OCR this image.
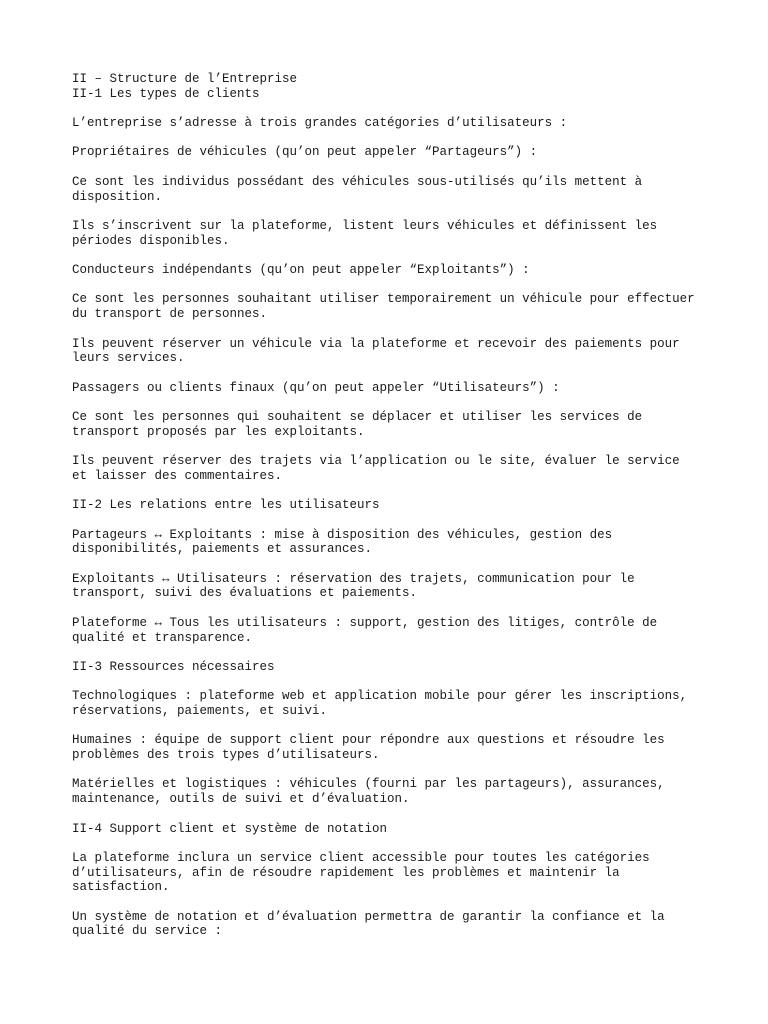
II – Structure de l’Entreprise

II-1 Les types de clients

L’entreprise s’adresse à trois grandes catégories d’utilisateurs :

Propriétaires de véhicules (qu’on peut appeler “Partageurs”) :

Ce sont les individus possédant des véhicules sous-utilisés qu’ils mettent à
disposition.

Ils s’inscrivent sur la plateforme, listent leurs véhicules et définissent les
périodes disponibles.

Conducteurs indépendants (qu’on peut appeler “Exploitants”) :

Ce sont les personnes souhaitant utiliser temporairement un véhicule pour effectuer
du transport de personnes.

Ils peuvent réserver un véhicule via la plateforme et recevoir des paiements pour
leurs services.

Passagers ou clients finaux (qu’on peut appeler “Utilisateurs”) :

Ce sont les personnes qui souhaitent se déplacer et utiliser les services de
transport proposés par les exploitants.

Ils peuvent réserver des trajets via l’application ou le site, évaluer le service
et laisser des commentaires.

II-2 Les relations entre les utilisateurs

Partageurs ↔ Exploitants : mise à disposition des véhicules, gestion des
disponibilités, paiements et assurances.

Exploitants ↔ Utilisateurs : réservation des trajets, communication pour le
transport, suivi des évaluations et paiements.

Plateforme ↔ Tous les utilisateurs : support, gestion des litiges, contrôle de
qualité et transparence.

II-3 Ressources nécessaires

Technologiques : plateforme web et application mobile pour gérer les inscriptions,
réservations, paiements, et suivi.

Humaines : équipe de support client pour répondre aux questions et résoudre les
problèmes des trois types d’utilisateurs.

Matérielles et logistiques : véhicules (fourni par les partageurs), assurances,
maintenance, outils de suivi et d’évaluation.

II-4 Support client et système de notation

La plateforme inclura un service client accessible pour toutes les catégories
d’utilisateurs, afin de résoudre rapidement les problèmes et maintenir la
satisfaction.

Un système de notation et d’évaluation permettra de garantir la confiance et la
qualité du service :
